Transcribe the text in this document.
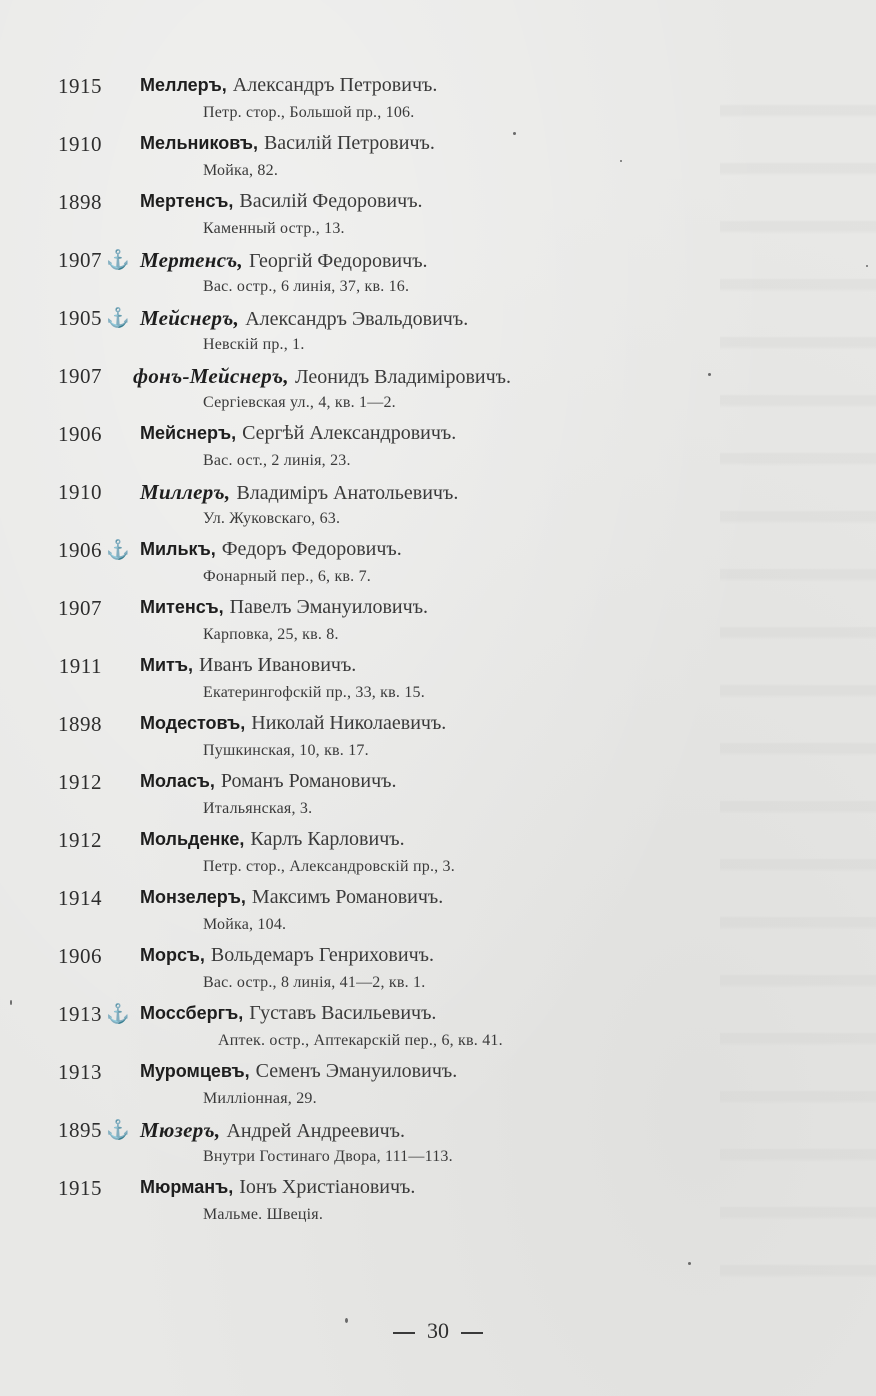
1915 Меллеръ, Александръ Петровичъ.
Петр. стор., Большой пр., 106.
1910 Мельниковъ, Василій Петровичъ.
Мойка, 82.
1898 Мертенсъ, Василій Федоровичъ.
Каменный остр., 13.
1907 ⚓ Мертенсъ, Георгій Федоровичъ.
Вас. остр., 6 линія, 37, кв. 16.
1905 ⚓ Мейснеръ, Александръ Эвальдовичъ.
Невскій пр., 1.
1907 фонъ-Мейснеръ, Леонидъ Владиміровичъ.
Сергіевская ул., 4, кв. 1—2.
1906 Мейснеръ, Сергѣй Александровичъ.
Вас. ост., 2 линія, 23.
1910 Миллеръ, Владиміръ Анатольевичъ.
Ул. Жуковскаго, 63.
1906 ⚓ Милькъ, Федоръ Федоровичъ.
Фонарный пер., 6, кв. 7.
1907 Митенсъ, Павелъ Эмануиловичъ.
Карповка, 25, кв. 8.
1911 Митъ, Иванъ Ивановичъ.
Екатерингофскій пр., 33, кв. 15.
1898 Модестовъ, Николай Николаевичъ.
Пушкинская, 10, кв. 17.
1912 Моласъ, Романъ Романовичъ.
Итальянская, 3.
1912 Мольденке, Карлъ Карловичъ.
Петр. стор., Александровскій пр., 3.
1914 Монзелеръ, Максимъ Романовичъ.
Мойка, 104.
1906 Морсъ, Вольдемаръ Генриховичъ.
Вас. остр., 8 линія, 41—2, кв. 1.
1913 ⚓ Моссбергъ, Густавъ Васильевичъ.
Аптек. остр., Аптекарскій пер., 6, кв. 41.
1913 Муромцевъ, Семенъ Эмануиловичъ.
Милліонная, 29.
1895 ⚓ Мюзеръ, Андрей Андреевичъ.
Внутри Гостинаго Двора, 111—113.
1915 Мюрманъ, Іонъ Христіановичъ.
Мальме. Швеція.
30
